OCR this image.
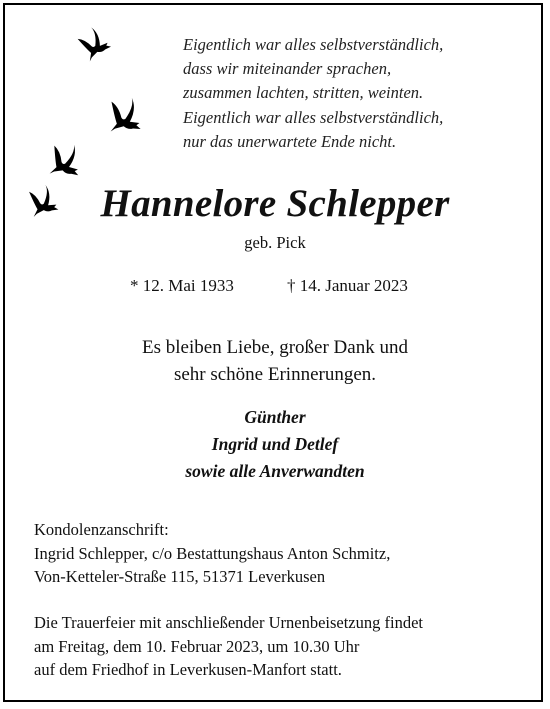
Eigentlich war alles selbstverständlich,
dass wir miteinander sprachen,
zusammen lachten, stritten, weinten.
Eigentlich war alles selbstverständlich,
nur das unerwartete Ende nicht.
Hannelore Schlepper
geb. Pick
* 12. Mai 1933	† 14. Januar 2023
Es bleiben Liebe, großer Dank und
sehr schöne Erinnerungen.
Günther
Ingrid und Detlef
sowie alle Anverwandten
Kondolenzanschrift:
Ingrid Schlepper, c/o Bestattungshaus Anton Schmitz,
Von-Ketteler-Straße 115, 51371 Leverkusen
Die Trauerfeier mit anschließender Urnenbeisetzung findet
am Freitag, dem 10. Februar 2023, um 10.30 Uhr
auf dem Friedhof in Leverkusen-Manfort statt.
